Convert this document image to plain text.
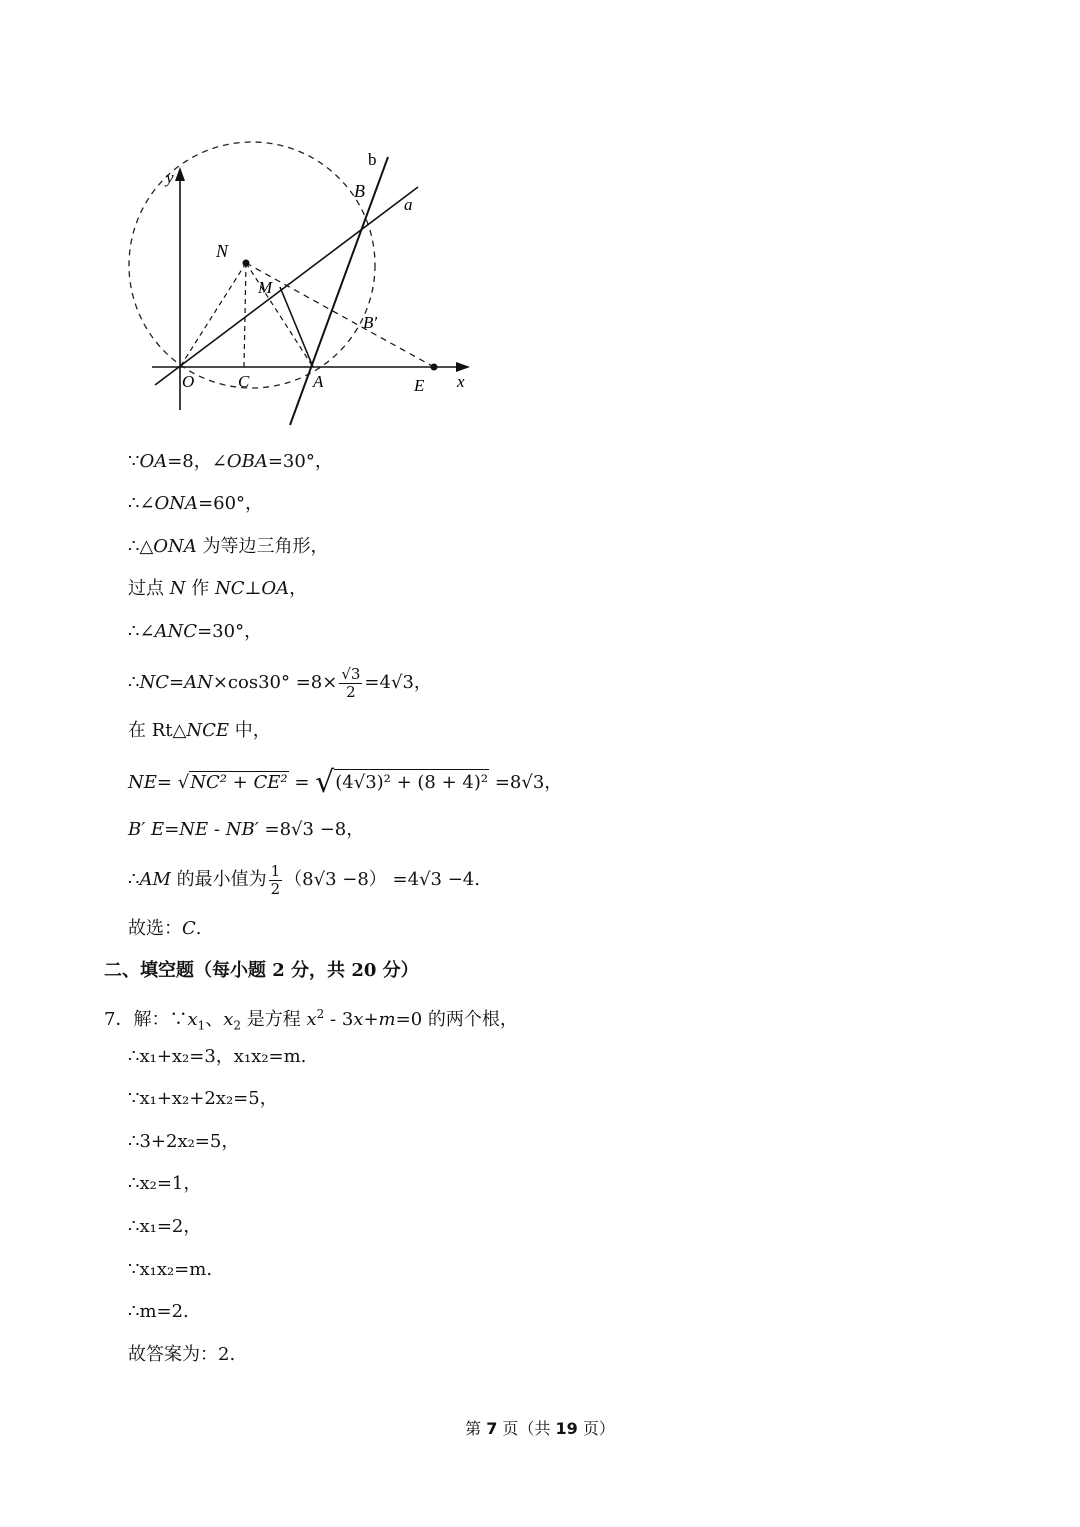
y
x
b
a
B
N
M
B′
O	C	A	E
∵OA=8，∠OBA=30°，
∴∠ONA=60°，
∴△ONA 为等边三角形，
过点 N 作 NC⊥OA，
∴∠ANC=30°，
∴NC=AN×cos30° $=8\times \frac{√3}{2} =4√3$，
在 Rt△NCE 中，
NE= √NC² + CE² = √(4√3)² + (8 + 4)² =8√3，
B′ E=NE - NB′ =8√3 −8，
∴AM 的最小值为 $\frac{1}{2} (8√3 -8) =4√3 -4$.
故选：C.
二、填空题（每小题 2 分，共 20 分）
7．解：$\because x_1$、$x_2$ 是方程 $x^2 - 3x+m=0$ 的两个根，
∴x₁+x₂=3，x₁x₂=m.
∵x₁+x₂+2x₂=5，
∴3+2x₂=5，
∴x₂=1，
∴x₁=2，
∵x₁x₂=m.
∴m=2.
故答案为：2.
第 7 页（共 19 页）
